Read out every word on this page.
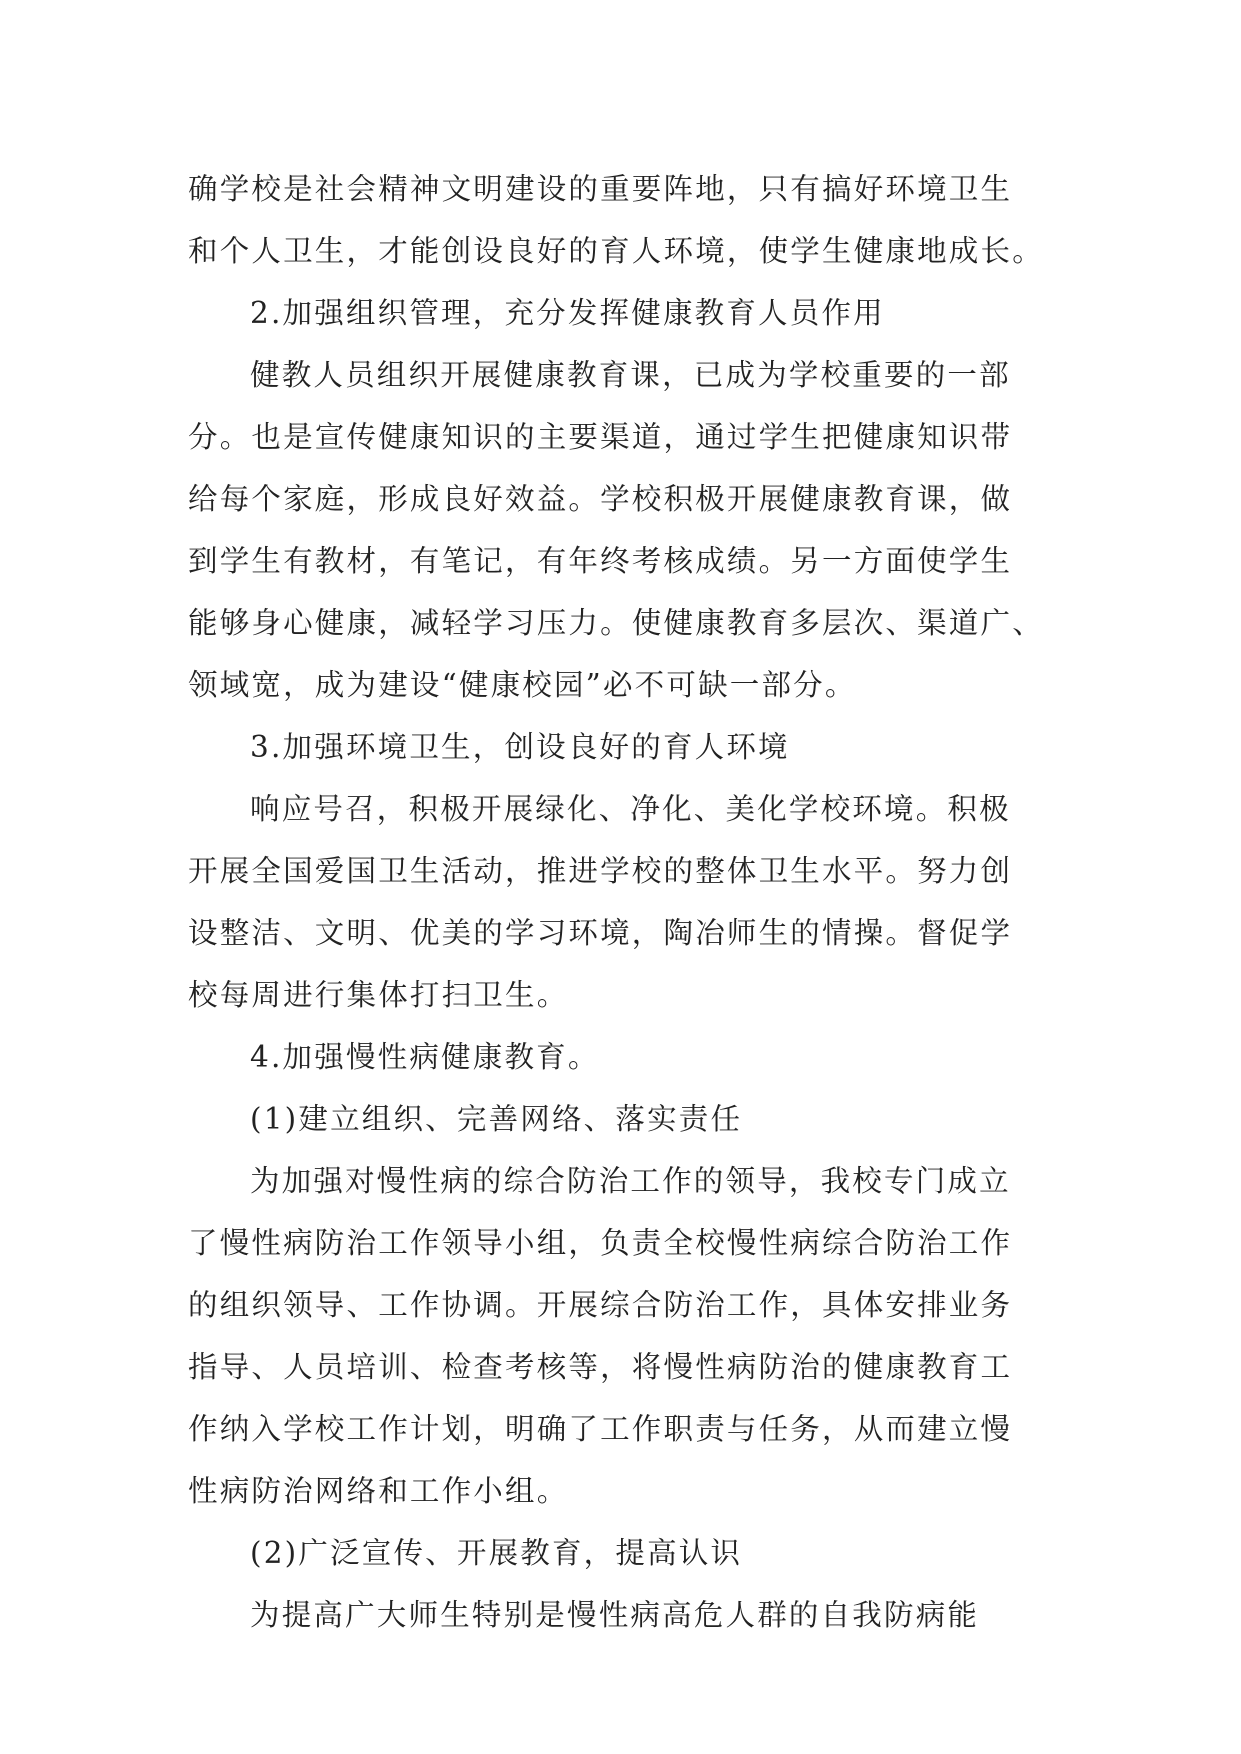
确学校是社会精神文明建设的重要阵地，只有搞好环境卫生
和个人卫生，才能创设良好的育人环境，使学生健康地成长。
2.加强组织管理，充分发挥健康教育人员作用
健教人员组织开展健康教育课，已成为学校重要的一部
分。也是宣传健康知识的主要渠道，通过学生把健康知识带
给每个家庭，形成良好效益。学校积极开展健康教育课，做
到学生有教材，有笔记，有年终考核成绩。另一方面使学生
能够身心健康，减轻学习压力。使健康教育多层次、渠道广、
领域宽，成为建设“健康校园”必不可缺一部分。
3.加强环境卫生，创设良好的育人环境
响应号召，积极开展绿化、净化、美化学校环境。积极
开展全国爱国卫生活动，推进学校的整体卫生水平。努力创
设整洁、文明、优美的学习环境，陶冶师生的情操。督促学
校每周进行集体打扫卫生。
4.加强慢性病健康教育。
(1)建立组织、完善网络、落实责任
为加强对慢性病的综合防治工作的领导，我校专门成立
了慢性病防治工作领导小组，负责全校慢性病综合防治工作
的组织领导、工作协调。开展综合防治工作，具体安排业务
指导、人员培训、检查考核等，将慢性病防治的健康教育工
作纳入学校工作计划，明确了工作职责与任务，从而建立慢
性病防治网络和工作小组。
(2)广泛宣传、开展教育，提高认识
为提高广大师生特别是慢性病高危人群的自我防病能
